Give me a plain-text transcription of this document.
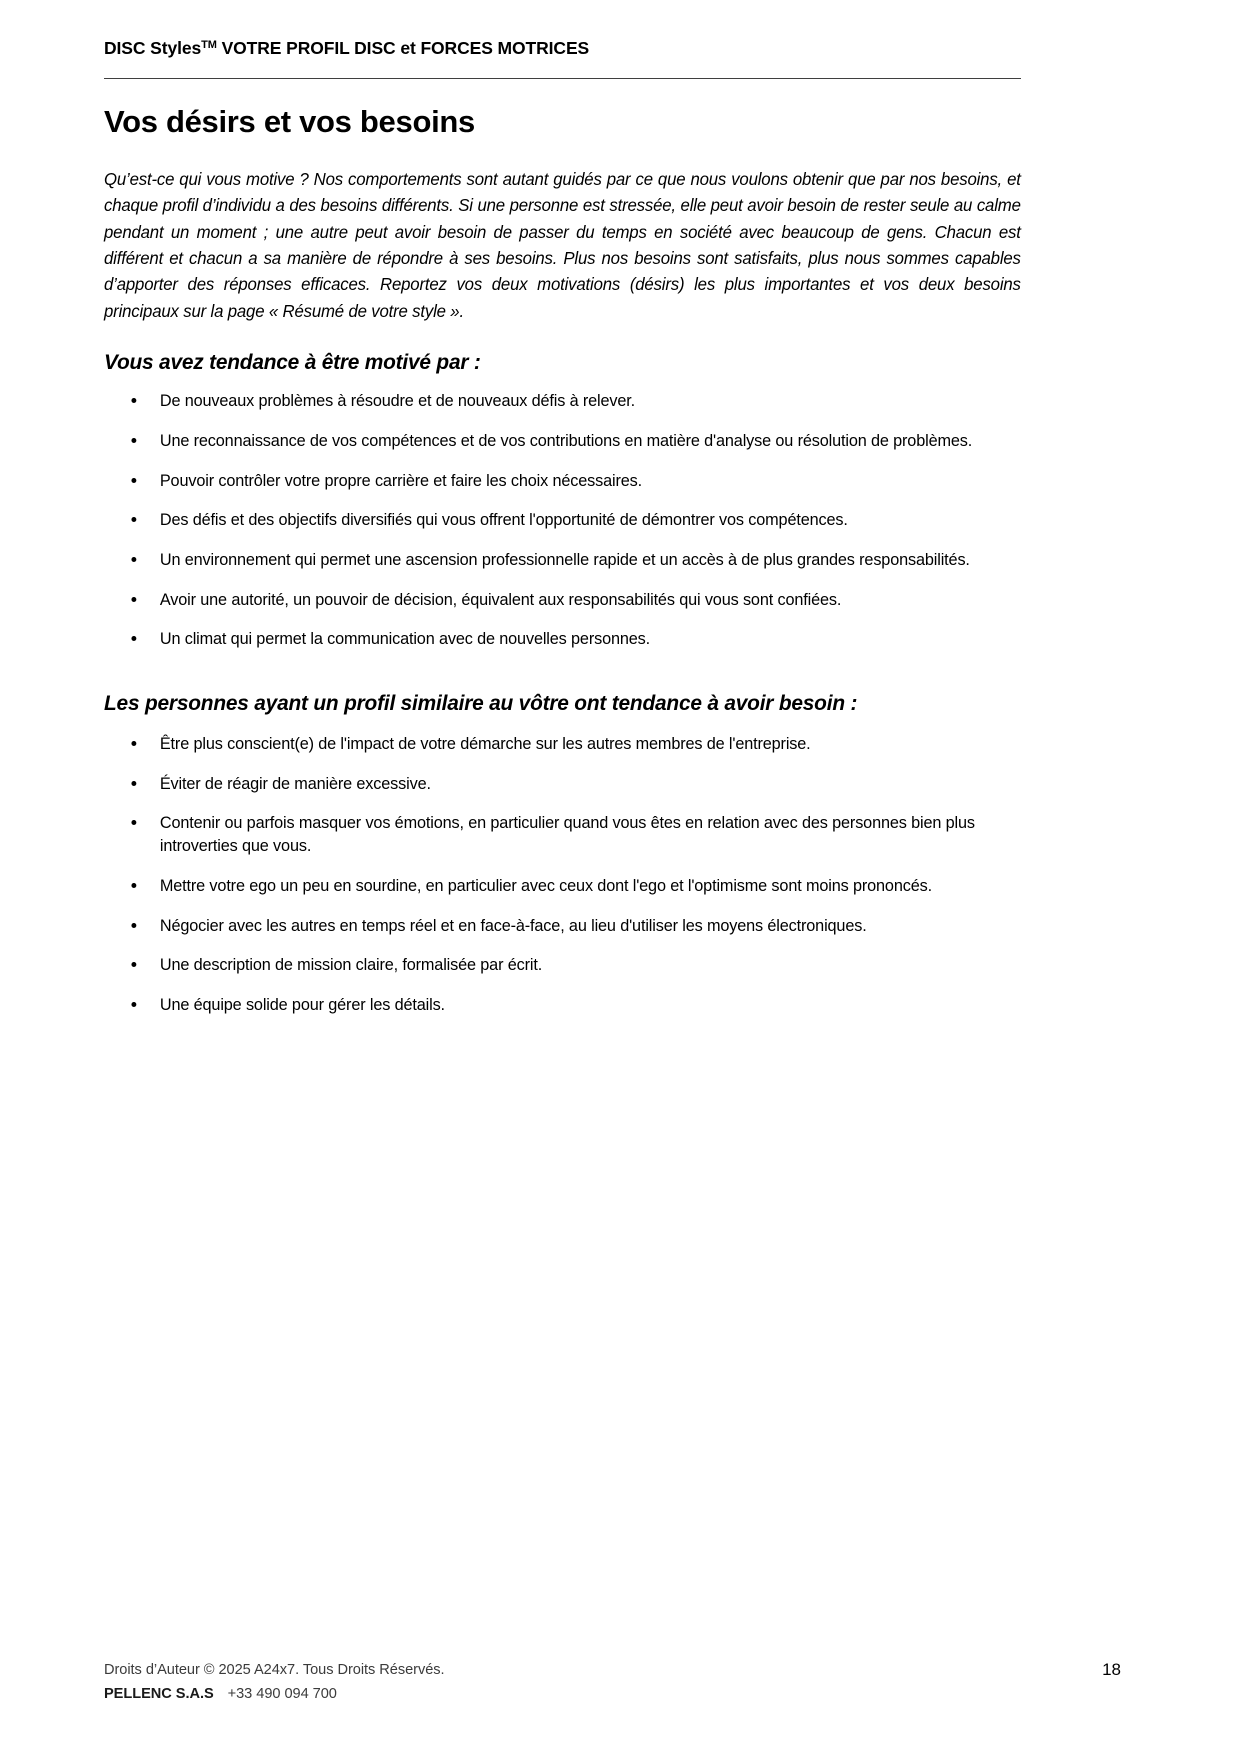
DISC Styles™ VOTRE PROFIL DISC et FORCES MOTRICES
Vos désirs et vos besoins

Qu’est-ce qui vous motive ? Nos comportements sont autant guidés par ce que nous voulons obtenir que par nos besoins, et chaque profil d’individu a des besoins différents. Si une personne est stressée, elle peut avoir besoin de rester seule au calme pendant un moment ; une autre peut avoir besoin de passer du temps en société avec beaucoup de gens. Chacun est différent et chacun a sa manière de répondre à ses besoins. Plus nos besoins sont satisfaits, plus nous sommes capables d’apporter des réponses efficaces. Reportez vos deux motivations (désirs) les plus importantes et vos deux besoins principaux sur la page « Résumé de votre style ».

Vous avez tendance à être motivé par :
De nouveaux problèmes à résoudre et de nouveaux défis à relever.
Une reconnaissance de vos compétences et de vos contributions en matière d'analyse ou résolution de problèmes.
Pouvoir contrôler votre propre carrière et faire les choix nécessaires.
Des défis et des objectifs diversifiés qui vous offrent l'opportunité de démontrer vos compétences.
Un environnement qui permet une ascension professionnelle rapide et un accès à de plus grandes responsabilités.
Avoir une autorité, un pouvoir de décision, équivalent aux responsabilités qui vous sont confiées.
Un climat qui permet la communication avec de nouvelles personnes.
Les personnes ayant un profil similaire au vôtre ont tendance à avoir besoin :
Être plus conscient(e) de l'impact de votre démarche sur les autres membres de l'entreprise.
Éviter de réagir de manière excessive.
Contenir ou parfois masquer vos émotions, en particulier quand vous êtes en relation avec des personnes bien plus introverties que vous.
Mettre votre ego un peu en sourdine, en particulier avec ceux dont l'ego et l'optimisme sont moins prononcés.
Négocier avec les autres en temps réel et en face-à-face, au lieu d'utiliser les moyens électroniques.
Une description de mission claire, formalisée par écrit.
Une équipe solide pour gérer les détails.
Droits d’Auteur © 2025 A24x7. Tous Droits Réservés.
PELLENC S.A.S +33 490 094 700
18
